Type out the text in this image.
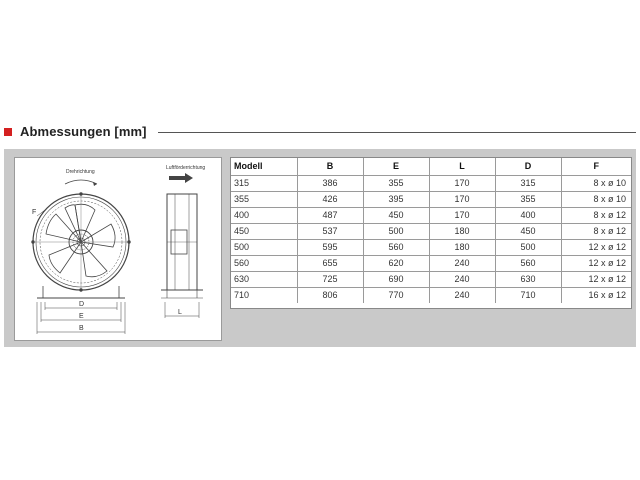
Abmessungen [mm]
Drehrichtung
F
D
E
B
L
Luftförderrichtung	Modell	B	E	L	D	F
315	386	355	170	315	8 x ø 10
355	426	395	170	355	8 x ø 10
400	487	450	170	400	8 x ø 12
450	537	500	180	450	8 x ø 12
500	595	560	180	500	12 x ø 12
560	655	620	240	560	12 x ø 12
630	725	690	240	630	12 x ø 12
710	806	770	240	710	16 x ø 12
